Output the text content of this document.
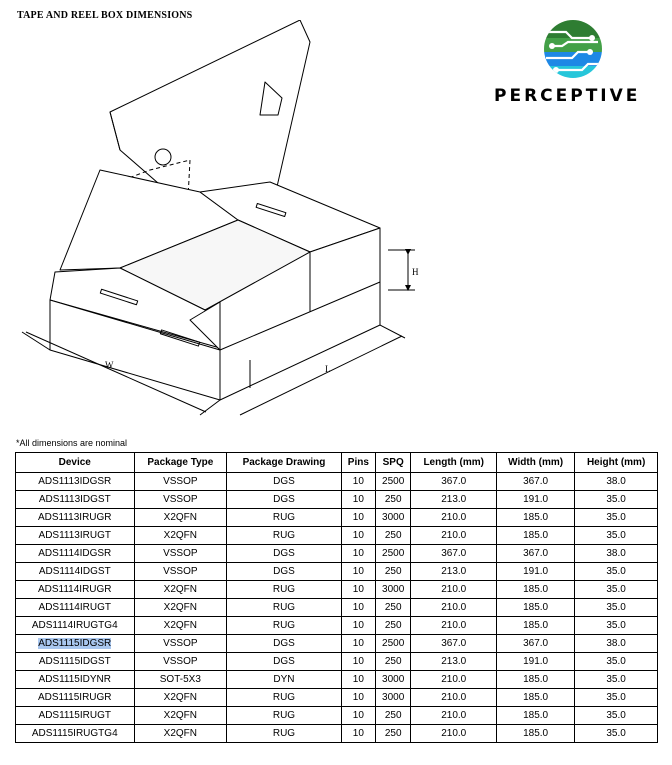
TAPE AND REEL BOX DIMENSIONS
PERCEPTIVE
H
W	L
*All dimensions are nominal
Device	Package Type	Package Drawing	Pins	SPQ	Length (mm)	Width (mm)	Height (mm)
ADS1113IDGSR	VSSOP	DGS	10	2500	367.0	367.0	38.0
ADS1113IDGST	VSSOP	DGS	10	250	213.0	191.0	35.0
ADS1113IRUGR	X2QFN	RUG	10	3000	210.0	185.0	35.0
ADS1113IRUGT	X2QFN	RUG	10	250	210.0	185.0	35.0
ADS1114IDGSR	VSSOP	DGS	10	2500	367.0	367.0	38.0
ADS1114IDGST	VSSOP	DGS	10	250	213.0	191.0	35.0
ADS1114IRUGR	X2QFN	RUG	10	3000	210.0	185.0	35.0
ADS1114IRUGT	X2QFN	RUG	10	250	210.0	185.0	35.0
ADS1114IRUGTG4	X2QFN	RUG	10	250	210.0	185.0	35.0
ADS1115IDGSR	VSSOP	DGS	10	2500	367.0	367.0	38.0
ADS1115IDGST	VSSOP	DGS	10	250	213.0	191.0	35.0
ADS1115IDYNR	SOT-5X3	DYN	10	3000	210.0	185.0	35.0
ADS1115IRUGR	X2QFN	RUG	10	3000	210.0	185.0	35.0
ADS1115IRUGT	X2QFN	RUG	10	250	210.0	185.0	35.0
ADS1115IRUGTG4	X2QFN	RUG	10	250	210.0	185.0	35.0
